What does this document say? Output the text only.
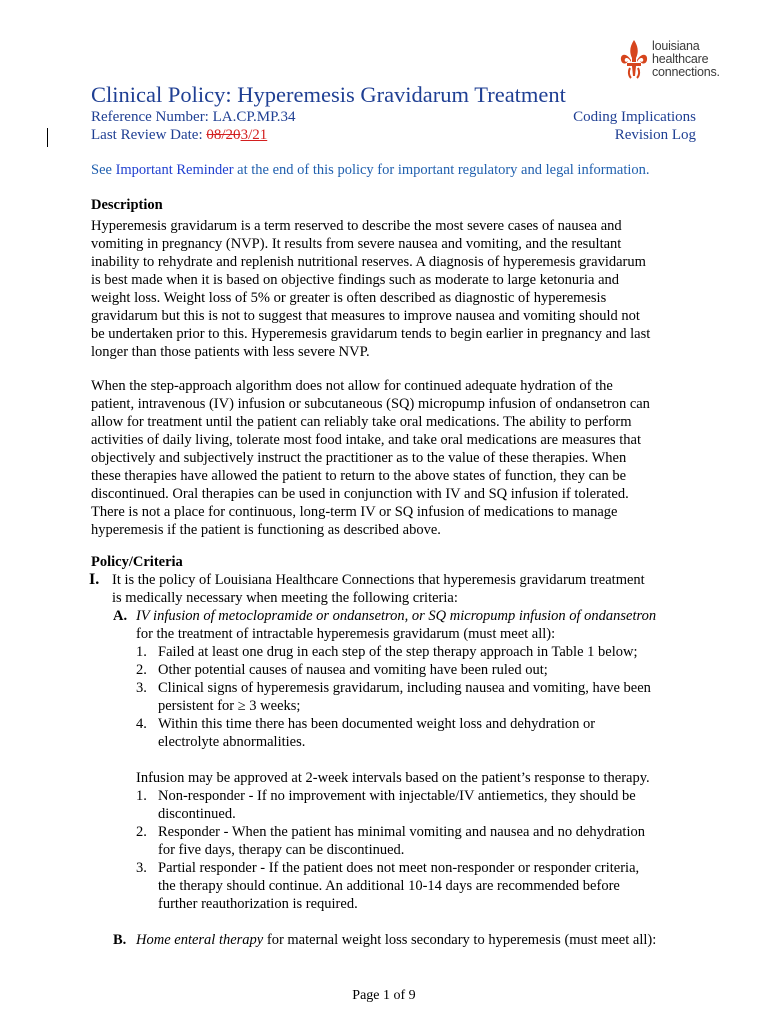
louisiana
healthcare
connections.
Clinical Policy: Hyperemesis Gravidarum Treatment
Reference Number: LA.CP.MP.34
Last Review Date: 08/203/21
Coding Implications
Revision Log
See Important Reminder at the end of this policy for important regulatory and legal information.
Description
Hyperemesis gravidarum is a term reserved to describe the most severe cases of nausea and
vomiting in pregnancy (NVP). It results from severe nausea and vomiting, and the resultant
inability to rehydrate and replenish nutritional reserves. A diagnosis of hyperemesis gravidarum
is best made when it is based on objective findings such as moderate to large ketonuria and
weight loss. Weight loss of 5% or greater is often described as diagnostic of hyperemesis
gravidarum but this is not to suggest that measures to improve nausea and vomiting should not
be undertaken prior to this. Hyperemesis gravidarum tends to begin earlier in pregnancy and last
longer than those patients with less severe NVP.
When the step-approach algorithm does not allow for continued adequate hydration of the
patient, intravenous (IV) infusion or subcutaneous (SQ) micropump infusion of ondansetron can
allow for treatment until the patient can reliably take oral medications. The ability to perform
activities of daily living, tolerate most food intake, and take oral medications are measures that
objectively and subjectively instruct the practitioner as to the value of these therapies. When
these therapies have allowed the patient to return to the above states of function, they can be
discontinued. Oral therapies can be used in conjunction with IV and SQ infusion if tolerated.
There is not a place for continuous, long-term IV or SQ infusion of medications to manage
hyperemesis if the patient is functioning as described above.
Policy/Criteria
I. It is the policy of Louisiana Healthcare Connections that hyperemesis gravidarum treatment
is medically necessary when meeting the following criteria:
A. IV infusion of metoclopramide or ondansetron, or SQ micropump infusion of ondansetron
for the treatment of intractable hyperemesis gravidarum (must meet all):
1. Failed at least one drug in each step of the step therapy approach in Table 1 below;
2. Other potential causes of nausea and vomiting have been ruled out;
3. Clinical signs of hyperemesis gravidarum, including nausea and vomiting, have been
persistent for ≥ 3 weeks;
4. Within this time there has been documented weight loss and dehydration or
electrolyte abnormalities.
Infusion may be approved at 2-week intervals based on the patient’s response to therapy.
1. Non-responder - If no improvement with injectable/IV antiemetics, they should be
discontinued.
2. Responder - When the patient has minimal vomiting and nausea and no dehydration
for five days, therapy can be discontinued.
3. Partial responder - If the patient does not meet non-responder or responder criteria,
the therapy should continue. An additional 10-14 days are recommended before
further reauthorization is required.
B. Home enteral therapy for maternal weight loss secondary to hyperemesis (must meet all):
Page 1 of 9
